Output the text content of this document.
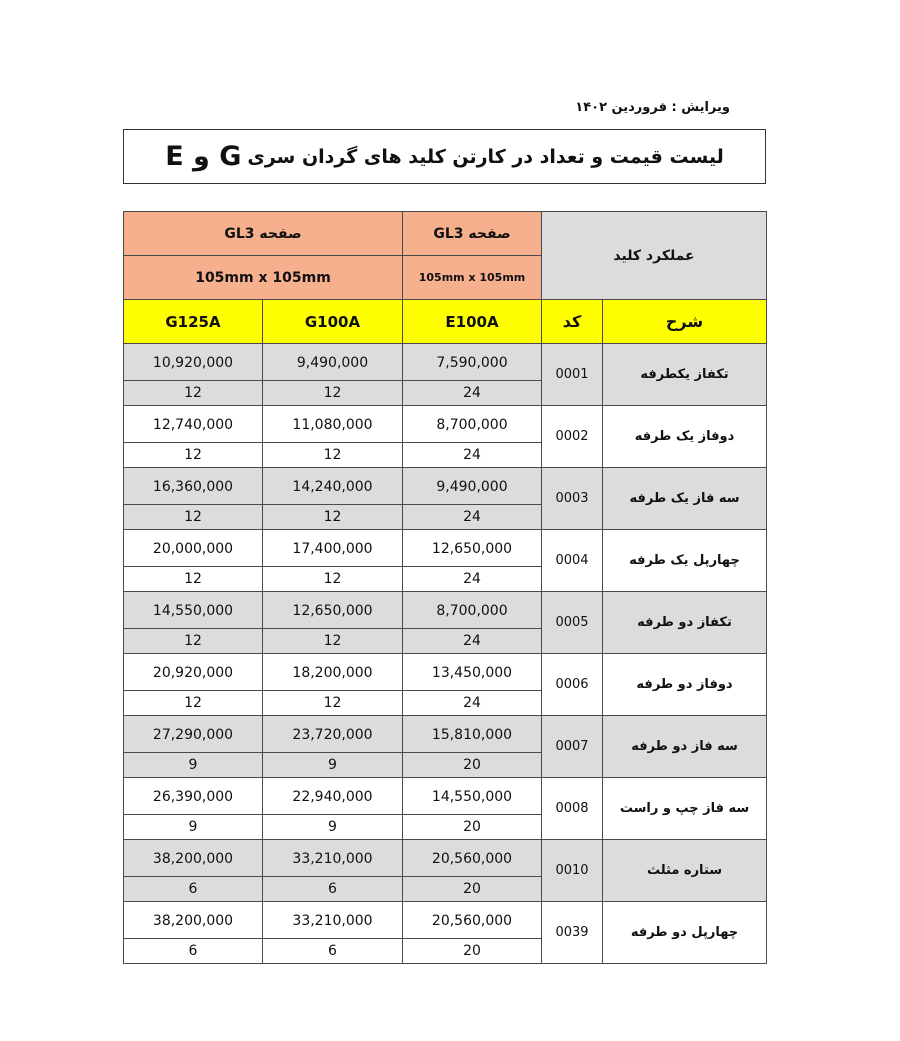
ویرایش : فروردین ۱۴۰۲
لیست قیمت و تعداد در کارتن کلید های گردان سری
G و E
صفحه GL3		صفحه GL3	عملکرد کلید	
105mm x 105mm		105mm x 105mm		
G125A	G100A	E100A	کد	شرح
10,920,000	9,490,000	7,590,000	0001	تکفاز یکطرفه
12	12	24		
12,740,000	11,080,000	8,700,000	0002	دوفاز یک طرفه
12	12	24		
16,360,000	14,240,000	9,490,000	0003	سه فاز یک طرفه
12	12	24		
20,000,000	17,400,000	12,650,000	0004	چهارپل یک طرفه
12	12	24		
14,550,000	12,650,000	8,700,000	0005	تکفاز دو طرفه
12	12	24		
20,920,000	18,200,000	13,450,000	0006	دوفاز دو طرفه
12	12	24		
27,290,000	23,720,000	15,810,000	0007	سه فاز دو طرفه
9	9	20		
26,390,000	22,940,000	14,550,000	0008	سه فاز چپ و راست
9	9	20		
38,200,000	33,210,000	20,560,000	0010	ستاره مثلث
6	6	20		
38,200,000	33,210,000	20,560,000	0039	چهارپل دو طرفه
6	6	20		
